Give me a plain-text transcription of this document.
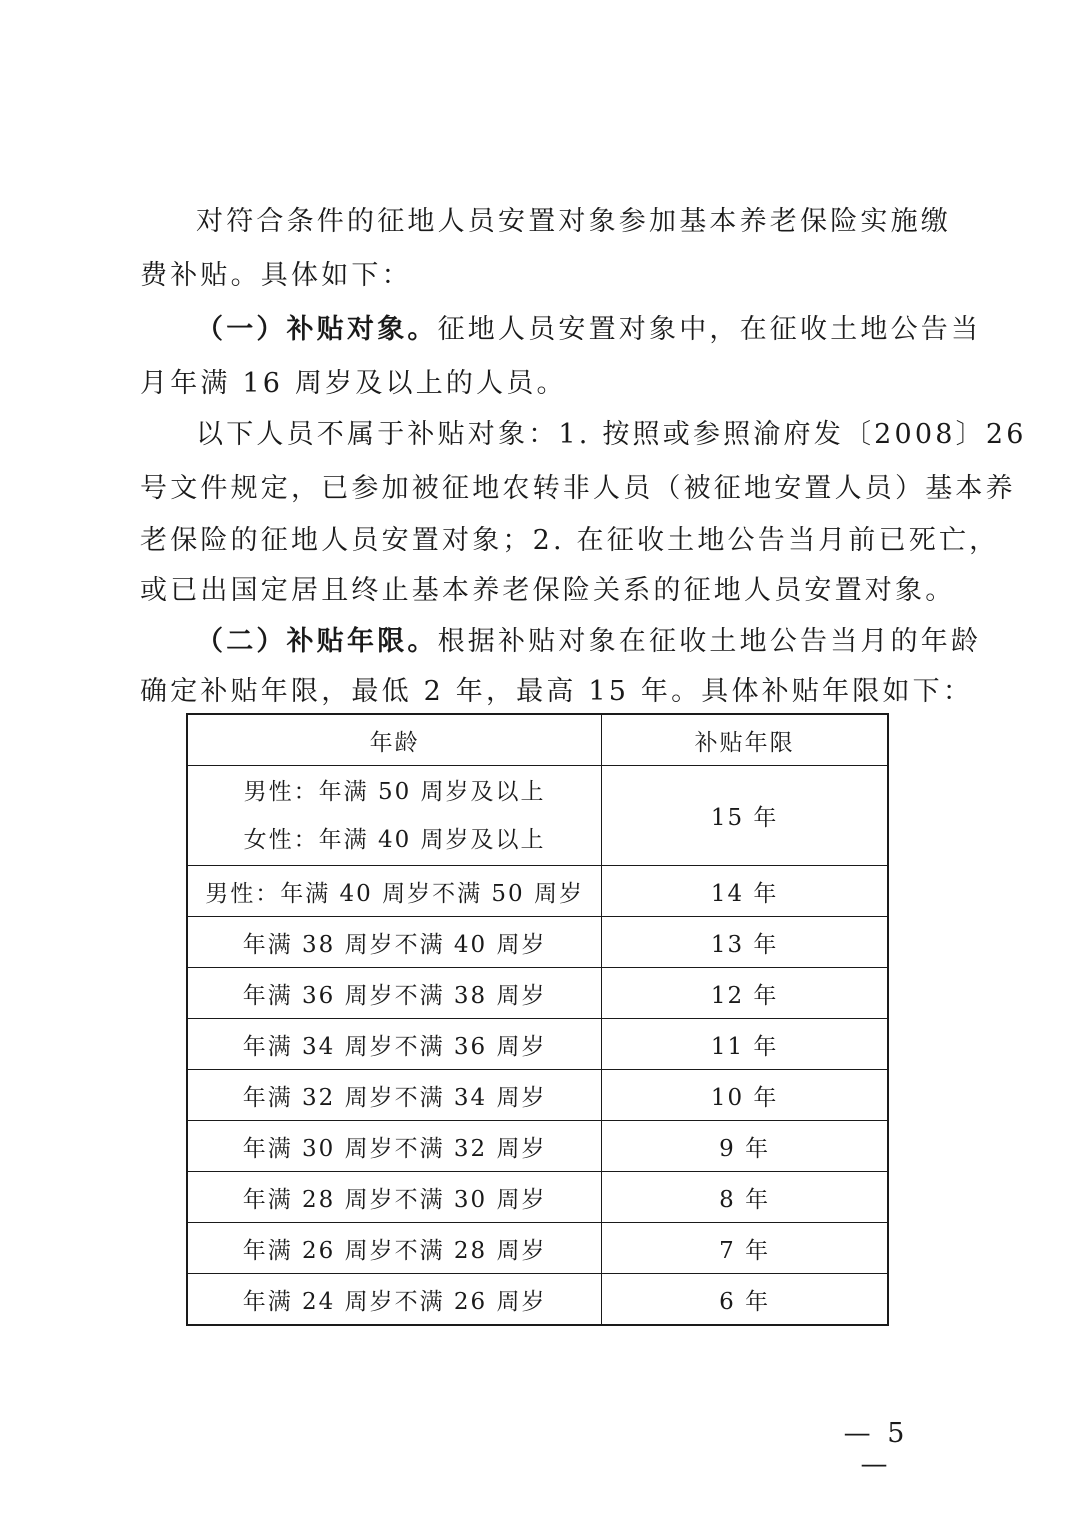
对符合条件的征地人员安置对象参加基本养老保险实施缴
费补贴。具体如下：
（一）补贴对象。征地人员安置对象中，在征收土地公告当
月年满 16 周岁及以上的人员。
以下人员不属于补贴对象：1. 按照或参照渝府发〔2008〕26
号文件规定，已参加被征地农转非人员（被征地安置人员）基本养
老保险的征地人员安置对象；2. 在征收土地公告当月前已死亡，
或已出国定居且终止基本养老保险关系的征地人员安置对象。
（二）补贴年限。根据补贴对象在征收土地公告当月的年龄
确定补贴年限，最低 2 年，最高 15 年。具体补贴年限如下：
年龄	补贴年限

男性：年满 50 周岁及以上
女性：年满 40 周岁及以上	15 年
男性：年满 40 周岁不满 50 周岁	14 年
年满 38 周岁不满 40 周岁	13 年
年满 36 周岁不满 38 周岁	12 年
年满 34 周岁不满 36 周岁	11 年
年满 32 周岁不满 34 周岁	10 年
年满 30 周岁不满 32 周岁	9 年
年满 28 周岁不满 30 周岁	8 年
年满 26 周岁不满 28 周岁	7 年
年满 24 周岁不满 26 周岁	6 年
— 5 —
